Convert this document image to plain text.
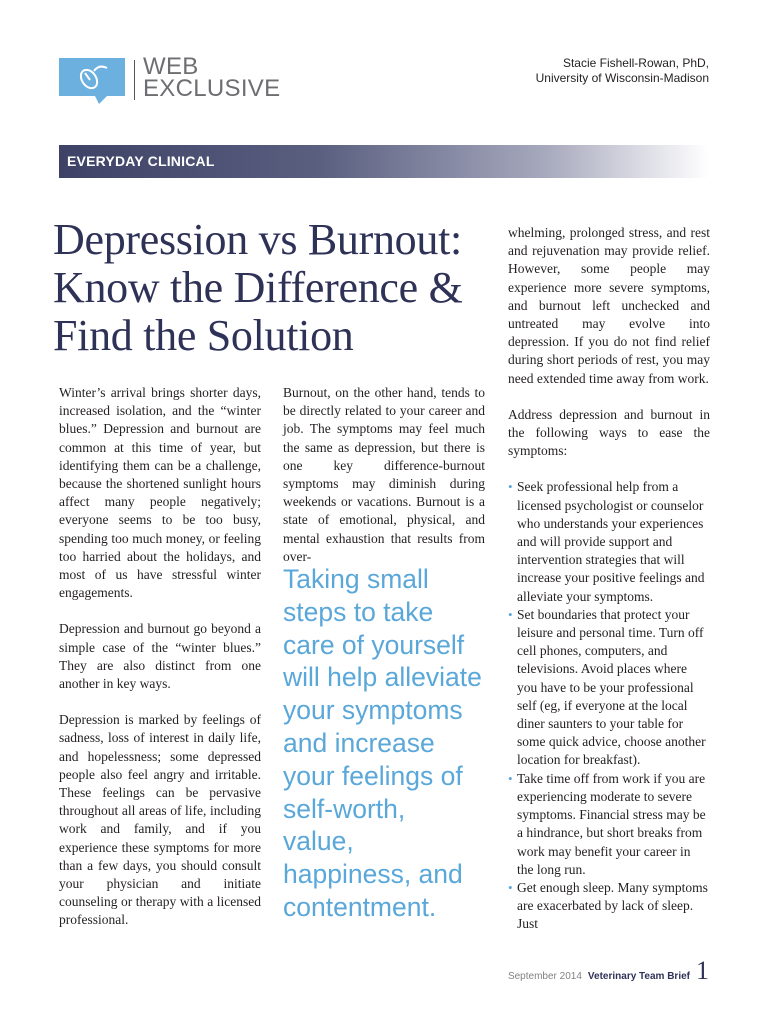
WEB
EXCLUSIVE
Stacie Fishell-Rowan, PhD,
University of Wisconsin-Madison
EVERYDAY CLINICAL
Depression vs Burnout:
Know the Difference &
Find the Solution

Winter’s arrival brings shorter days, increased isolation, and the “winter blues.” Depression and burnout are common at this time of year, but identifying them can be a challenge, because the shortened sunlight hours affect many people negatively; everyone seems to be too busy, spending too much money, or feeling too harried about the holidays, and most of us have stressful winter engagements.

Depression and burnout go beyond a simple case of the “winter blues.” They are also distinct from one another in key ways.

Depression is marked by feelings of sadness, loss of interest in daily life, and hopelessness; some depressed people also feel angry and irritable. These feelings can be pervasive throughout all areas of life, including work and family, and if you experience these symptoms for more than a few days, you should consult your physician and initiate counseling or therapy with a licensed professional.

Burnout, on the other hand, tends to be directly related to your career and job. The symptoms may feel much the same as depression, but there is one key difference-burnout symptoms may diminish during weekends or vacations. Burnout is a state of emotional, physical, and mental exhaustion that results from over-

Taking small steps to take care of yourself will help alleviate your symptoms and increase your feelings of self-worth, value, happiness, and contentment.

whelming, prolonged stress, and rest and rejuvenation may provide relief. However, some people may experience more severe symptoms, and burnout left unchecked and untreated may evolve into depression. If you do not find relief during short periods of rest, you may need extended time away from work.

Address depression and burnout in the following ways to ease the symptoms:

• Seek professional help from a licensed psychologist or counselor who understands your experiences and will provide support and intervention strategies that will increase your positive feelings and alleviate your symptoms.
• Set boundaries that protect your leisure and personal time. Turn off cell phones, computers, and televisions. Avoid places where you have to be your professional self (eg, if everyone at the local diner saunters to your table for some quick advice, choose another location for breakfast).
• Take time off from work if you are experiencing moderate to severe symptoms. Financial stress may be a hindrance, but short breaks from work may benefit your career in the long run.
• Get enough sleep. Many symptoms are exacerbated by lack of sleep. Just
September 2014 Veterinary Team Brief 1
